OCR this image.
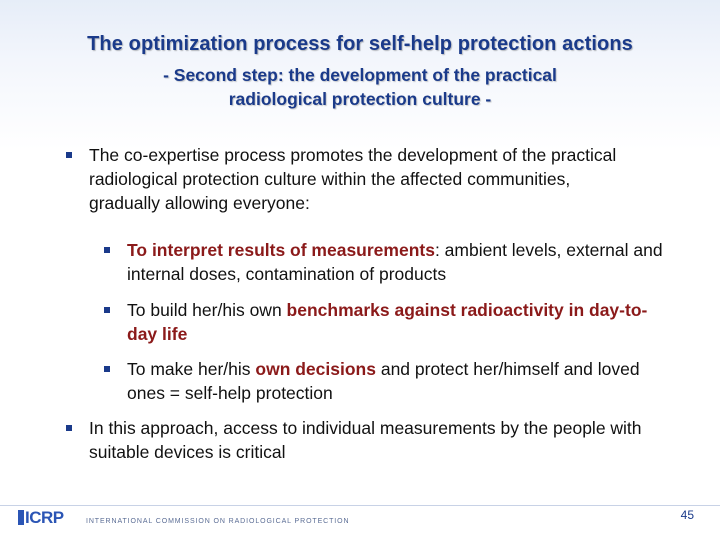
The optimization process for self-help protection actions
- Second step: the development of the practical
radiological protection culture -
The co-expertise process promotes the development of the practical radiological protection culture within the affected communities, gradually allowing everyone:
To interpret results of measurements: ambient levels, external and internal doses, contamination of products
To build her/his own benchmarks against radioactivity in day-to-day life
To make her/his own decisions and protect her/himself and loved ones = self-help protection
In this approach, access to individual measurements by the people with suitable devices is critical
ICRP	INTERNATIONAL COMMISSION ON RADIOLOGICAL PROTECTION	45
